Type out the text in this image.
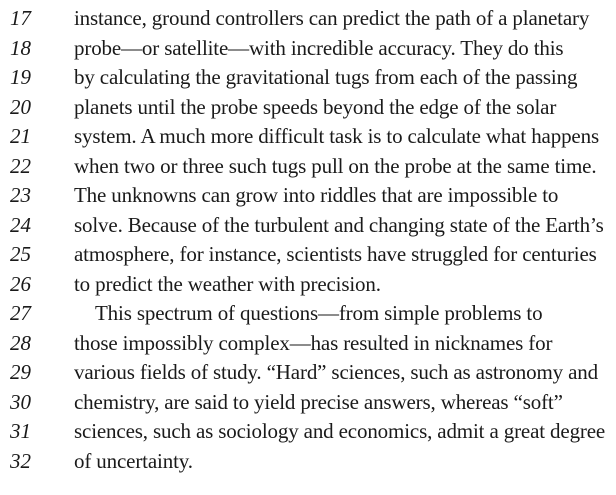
17	instance, ground controllers can predict the path of a planetary
18	probe—or satellite—with incredible accuracy. They do this
19	by calculating the gravitational tugs from each of the passing
20	planets until the probe speeds beyond the edge of the solar
21	system. A much more difficult task is to calculate what happens
22	when two or three such tugs pull on the probe at the same time.
23	The unknowns can grow into riddles that are impossible to
24	solve. Because of the turbulent and changing state of the Earth’s
25	atmosphere, for instance, scientists have struggled for centuries
26	to predict the weather with precision.
27	This spectrum of questions—from simple problems to
28	those impossibly complex—has resulted in nicknames for
29	various fields of study. “Hard” sciences, such as astronomy and
30	chemistry, are said to yield precise answers, whereas “soft”
31	sciences, such as sociology and economics, admit a great degree
32	of uncertainty.
